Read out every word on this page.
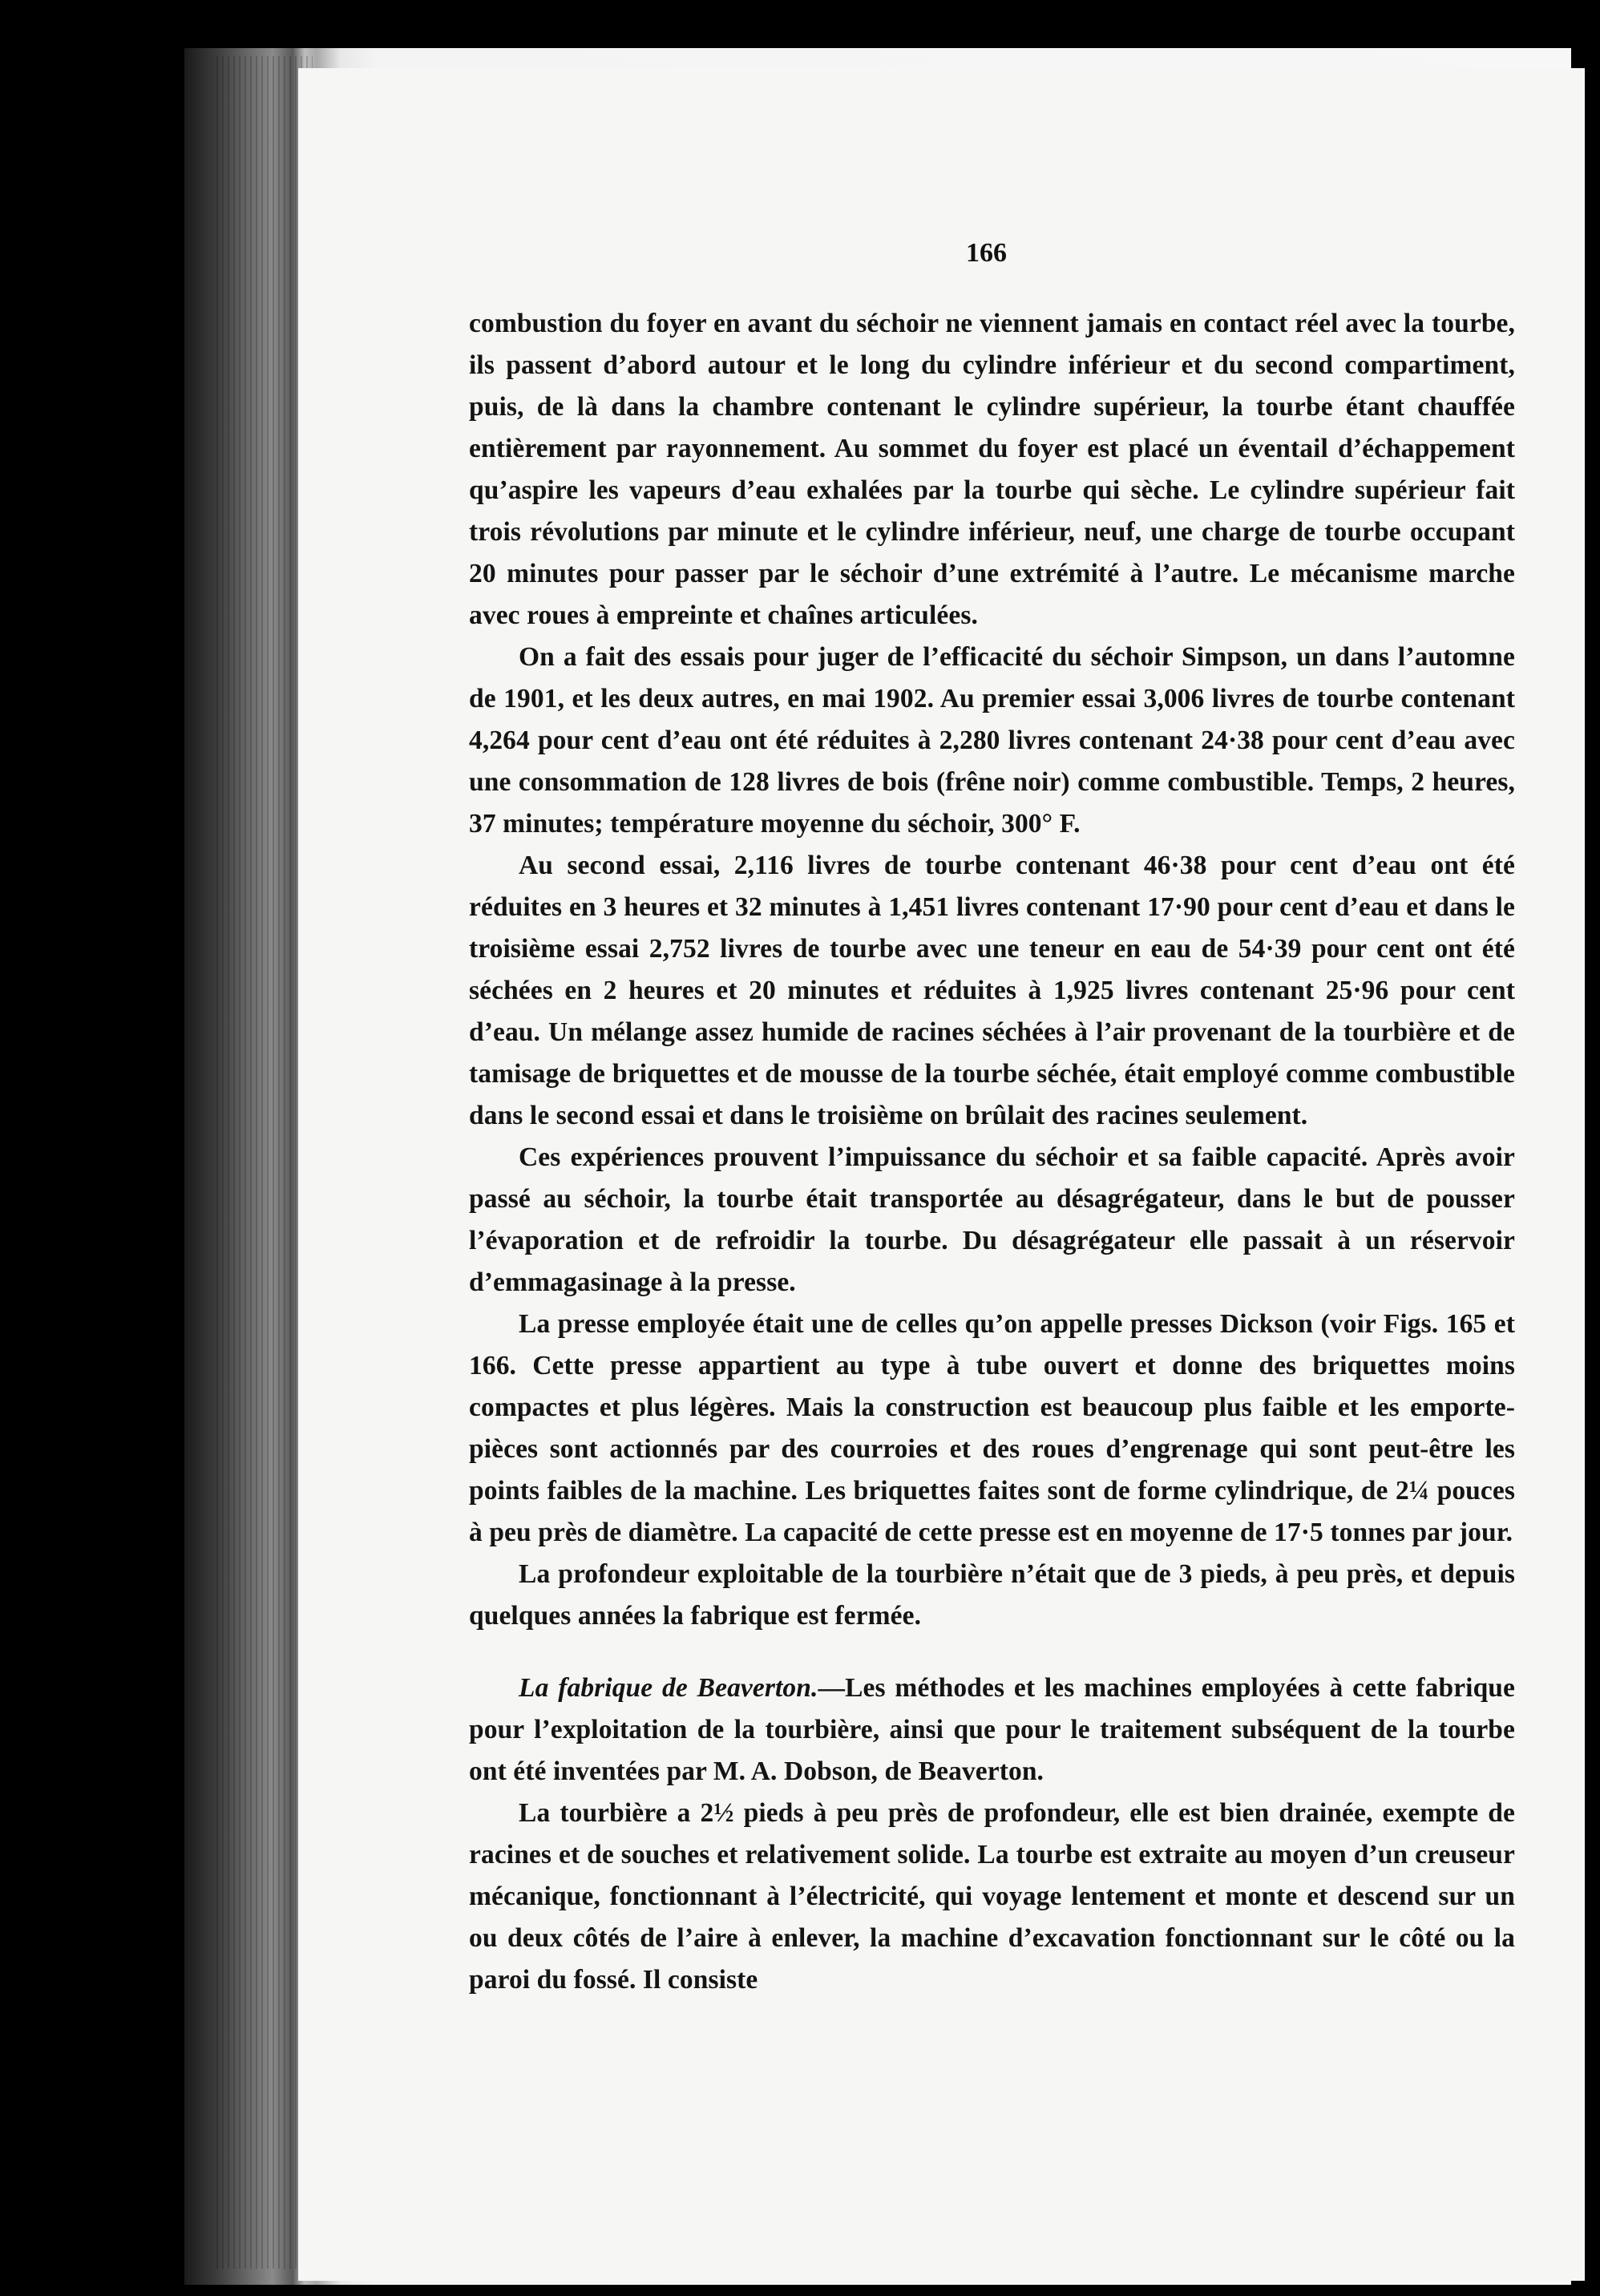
166

combustion du foyer en avant du séchoir ne viennent jamais en contact réel avec la tourbe, ils passent d’abord autour et le long du cylindre inférieur et du second compartiment, puis, de là dans la chambre contenant le cylindre supérieur, la tourbe étant chauffée entièrement par rayonnement. Au sommet du foyer est placé un éventail d’échappement qu’aspire les vapeurs d’eau exhalées par la tourbe qui sèche. Le cylindre supérieur fait trois révolutions par minute et le cylindre inférieur, neuf, une charge de tourbe occupant 20 minutes pour passer par le séchoir d’une extrémité à l’autre. Le mécanisme marche avec roues à empreinte et chaînes articulées.

On a fait des essais pour juger de l’efficacité du séchoir Simpson, un dans l’automne de 1901, et les deux autres, en mai 1902. Au premier essai 3,006 livres de tourbe contenant 4,264 pour cent d’eau ont été réduites à 2,280 livres contenant 24·38 pour cent d’eau avec une consommation de 128 livres de bois (frêne noir) comme combustible. Temps, 2 heures, 37 minutes; température moyenne du séchoir, 300° F.

Au second essai, 2,116 livres de tourbe contenant 46·38 pour cent d’eau ont été réduites en 3 heures et 32 minutes à 1,451 livres contenant 17·90 pour cent d’eau et dans le troisième essai 2,752 livres de tourbe avec une teneur en eau de 54·39 pour cent ont été séchées en 2 heures et 20 minutes et réduites à 1,925 livres contenant 25·96 pour cent d’eau. Un mélange assez humide de racines séchées à l’air provenant de la tourbière et de tamisage de briquettes et de mousse de la tourbe séchée, était employé comme combustible dans le second essai et dans le troisième on brûlait des racines seulement.

Ces expériences prouvent l’impuissance du séchoir et sa faible capacité. Après avoir passé au séchoir, la tourbe était transportée au désagrégateur, dans le but de pousser l’évaporation et de refroidir la tourbe. Du désagrégateur elle passait à un réservoir d’emmagasinage à la presse.

La presse employée était une de celles qu’on appelle presses Dickson (voir Figs. 165 et 166. Cette presse appartient au type à tube ouvert et donne des briquettes moins compactes et plus légères. Mais la construction est beaucoup plus faible et les emporte-pièces sont actionnés par des courroies et des roues d’engrenage qui sont peut-être les points faibles de la machine. Les briquettes faites sont de forme cylindrique, de 2¼ pouces à peu près de diamètre. La capacité de cette presse est en moyenne de 17·5 tonnes par jour.

La profondeur exploitable de la tourbière n’était que de 3 pieds, à peu près, et depuis quelques années la fabrique est fermée.

La fabrique de Beaverton.—Les méthodes et les machines employées à cette fabrique pour l’exploitation de la tourbière, ainsi que pour le traitement subséquent de la tourbe ont été inventées par M. A. Dobson, de Beaverton.

La tourbière a 2½ pieds à peu près de profondeur, elle est bien drainée, exempte de racines et de souches et relativement solide. La tourbe est extraite au moyen d’un creuseur mécanique, fonctionnant à l’électricité, qui voyage lentement et monte et descend sur un ou deux côtés de l’aire à enlever, la machine d’excavation fonctionnant sur le côté ou la paroi du fossé. Il consiste
